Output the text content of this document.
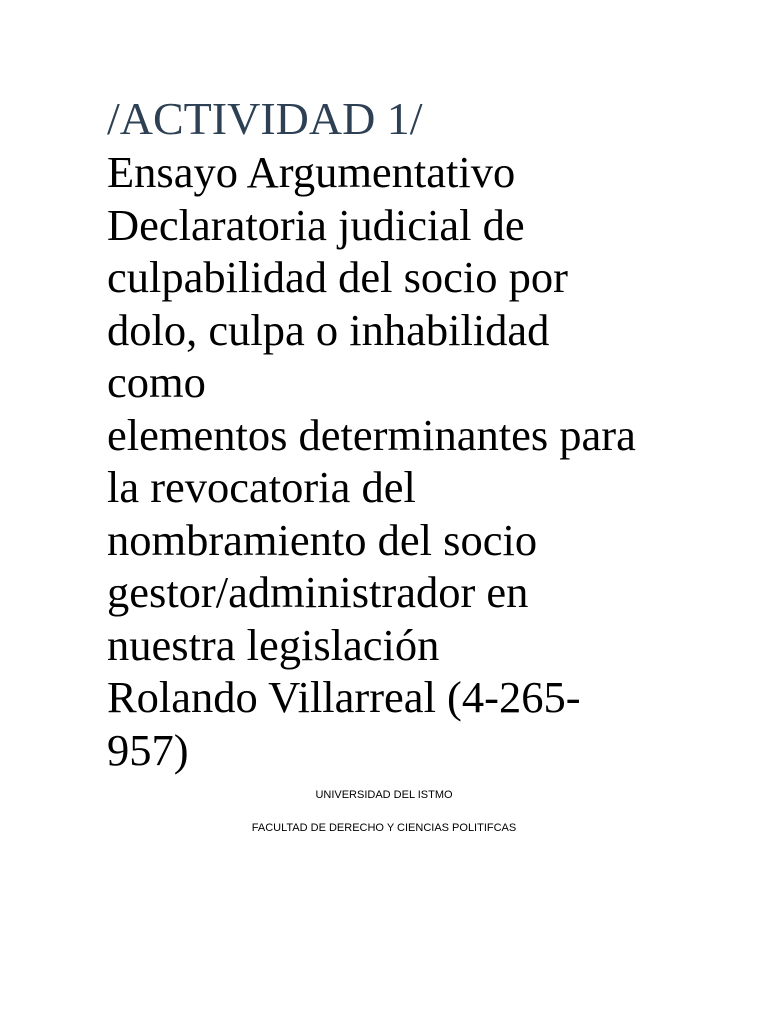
/ACTIVIDAD 1/
Ensayo Argumentativo
Declaratoria judicial de
culpabilidad del socio por
dolo, culpa o inhabilidad
como
elementos determinantes para
la revocatoria del
nombramiento del socio
gestor/administrador en
nuestra legislación
Rolando Villarreal (4-265-
957)
UNIVERSIDAD DEL ISTMO
FACULTAD DE DERECHO Y CIENCIAS POLITIFCAS
